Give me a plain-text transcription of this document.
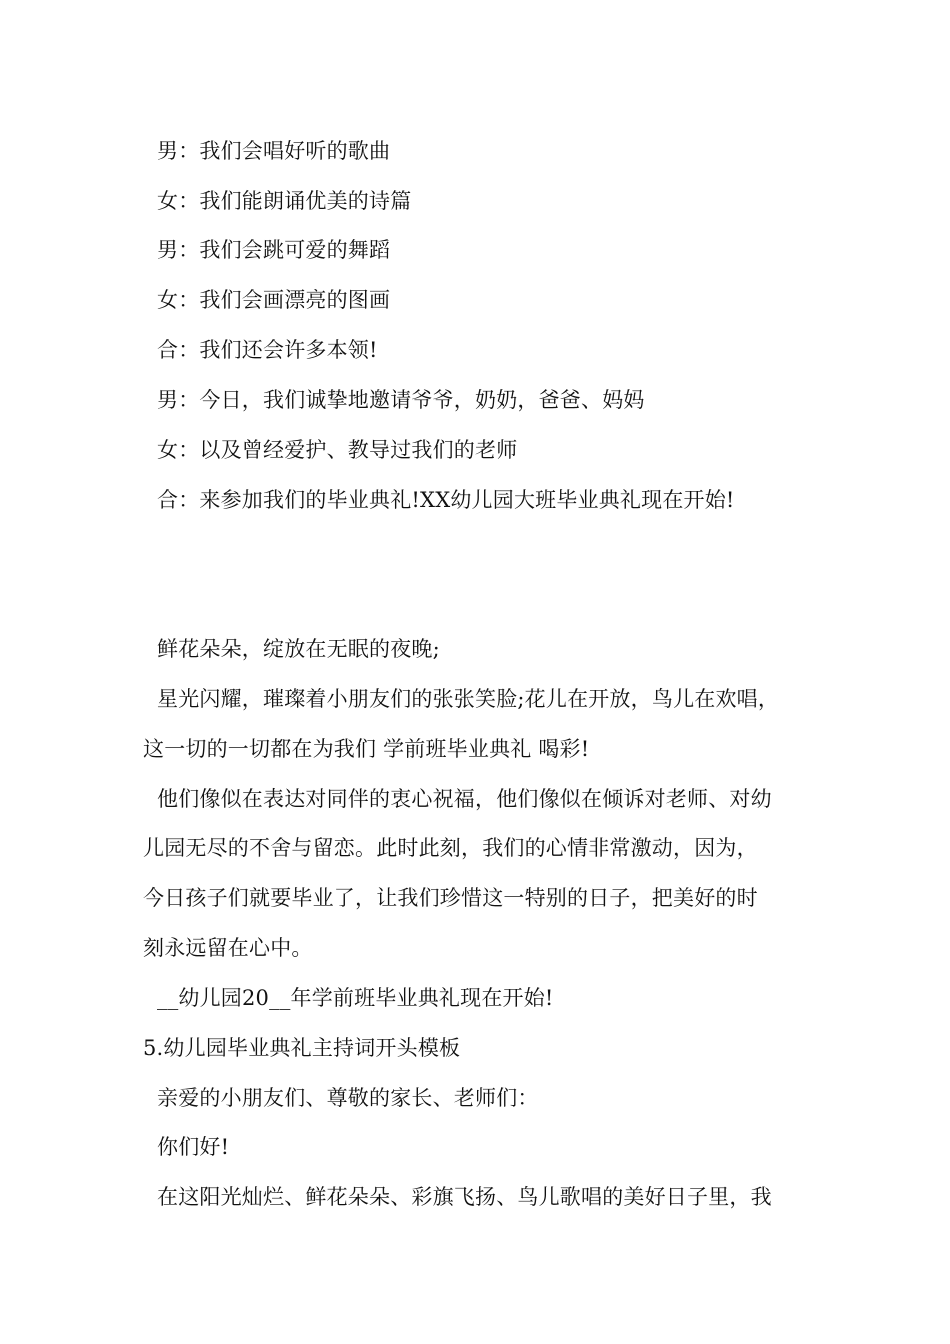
男：我们会唱好听的歌曲
女：我们能朗诵优美的诗篇
男：我们会跳可爱的舞蹈
女：我们会画漂亮的图画
合：我们还会许多本领!
男：今日，我们诚挚地邀请爷爷，奶奶，爸爸、妈妈
女：以及曾经爱护、教导过我们的老师
合：来参加我们的毕业典礼!XX幼儿园大班毕业典礼现在开始!
鲜花朵朵，绽放在无眠的夜晚;
星光闪耀，璀璨着小朋友们的张张笑脸;花儿在开放，鸟儿在欢唱，
这一切的一切都在为我们 学前班毕业典礼 喝彩!
他们像似在表达对同伴的衷心祝福，他们像似在倾诉对老师、对幼
儿园无尽的不舍与留恋。此时此刻，我们的心情非常激动，因为，
今日孩子们就要毕业了，让我们珍惜这一特别的日子，把美好的时
刻永远留在心中。
__幼儿园20__年学前班毕业典礼现在开始!
5.幼儿园毕业典礼主持词开头模板
亲爱的小朋友们、尊敬的家长、老师们：
你们好!
在这阳光灿烂、鲜花朵朵、彩旗飞扬、鸟儿歌唱的美好日子里，我
